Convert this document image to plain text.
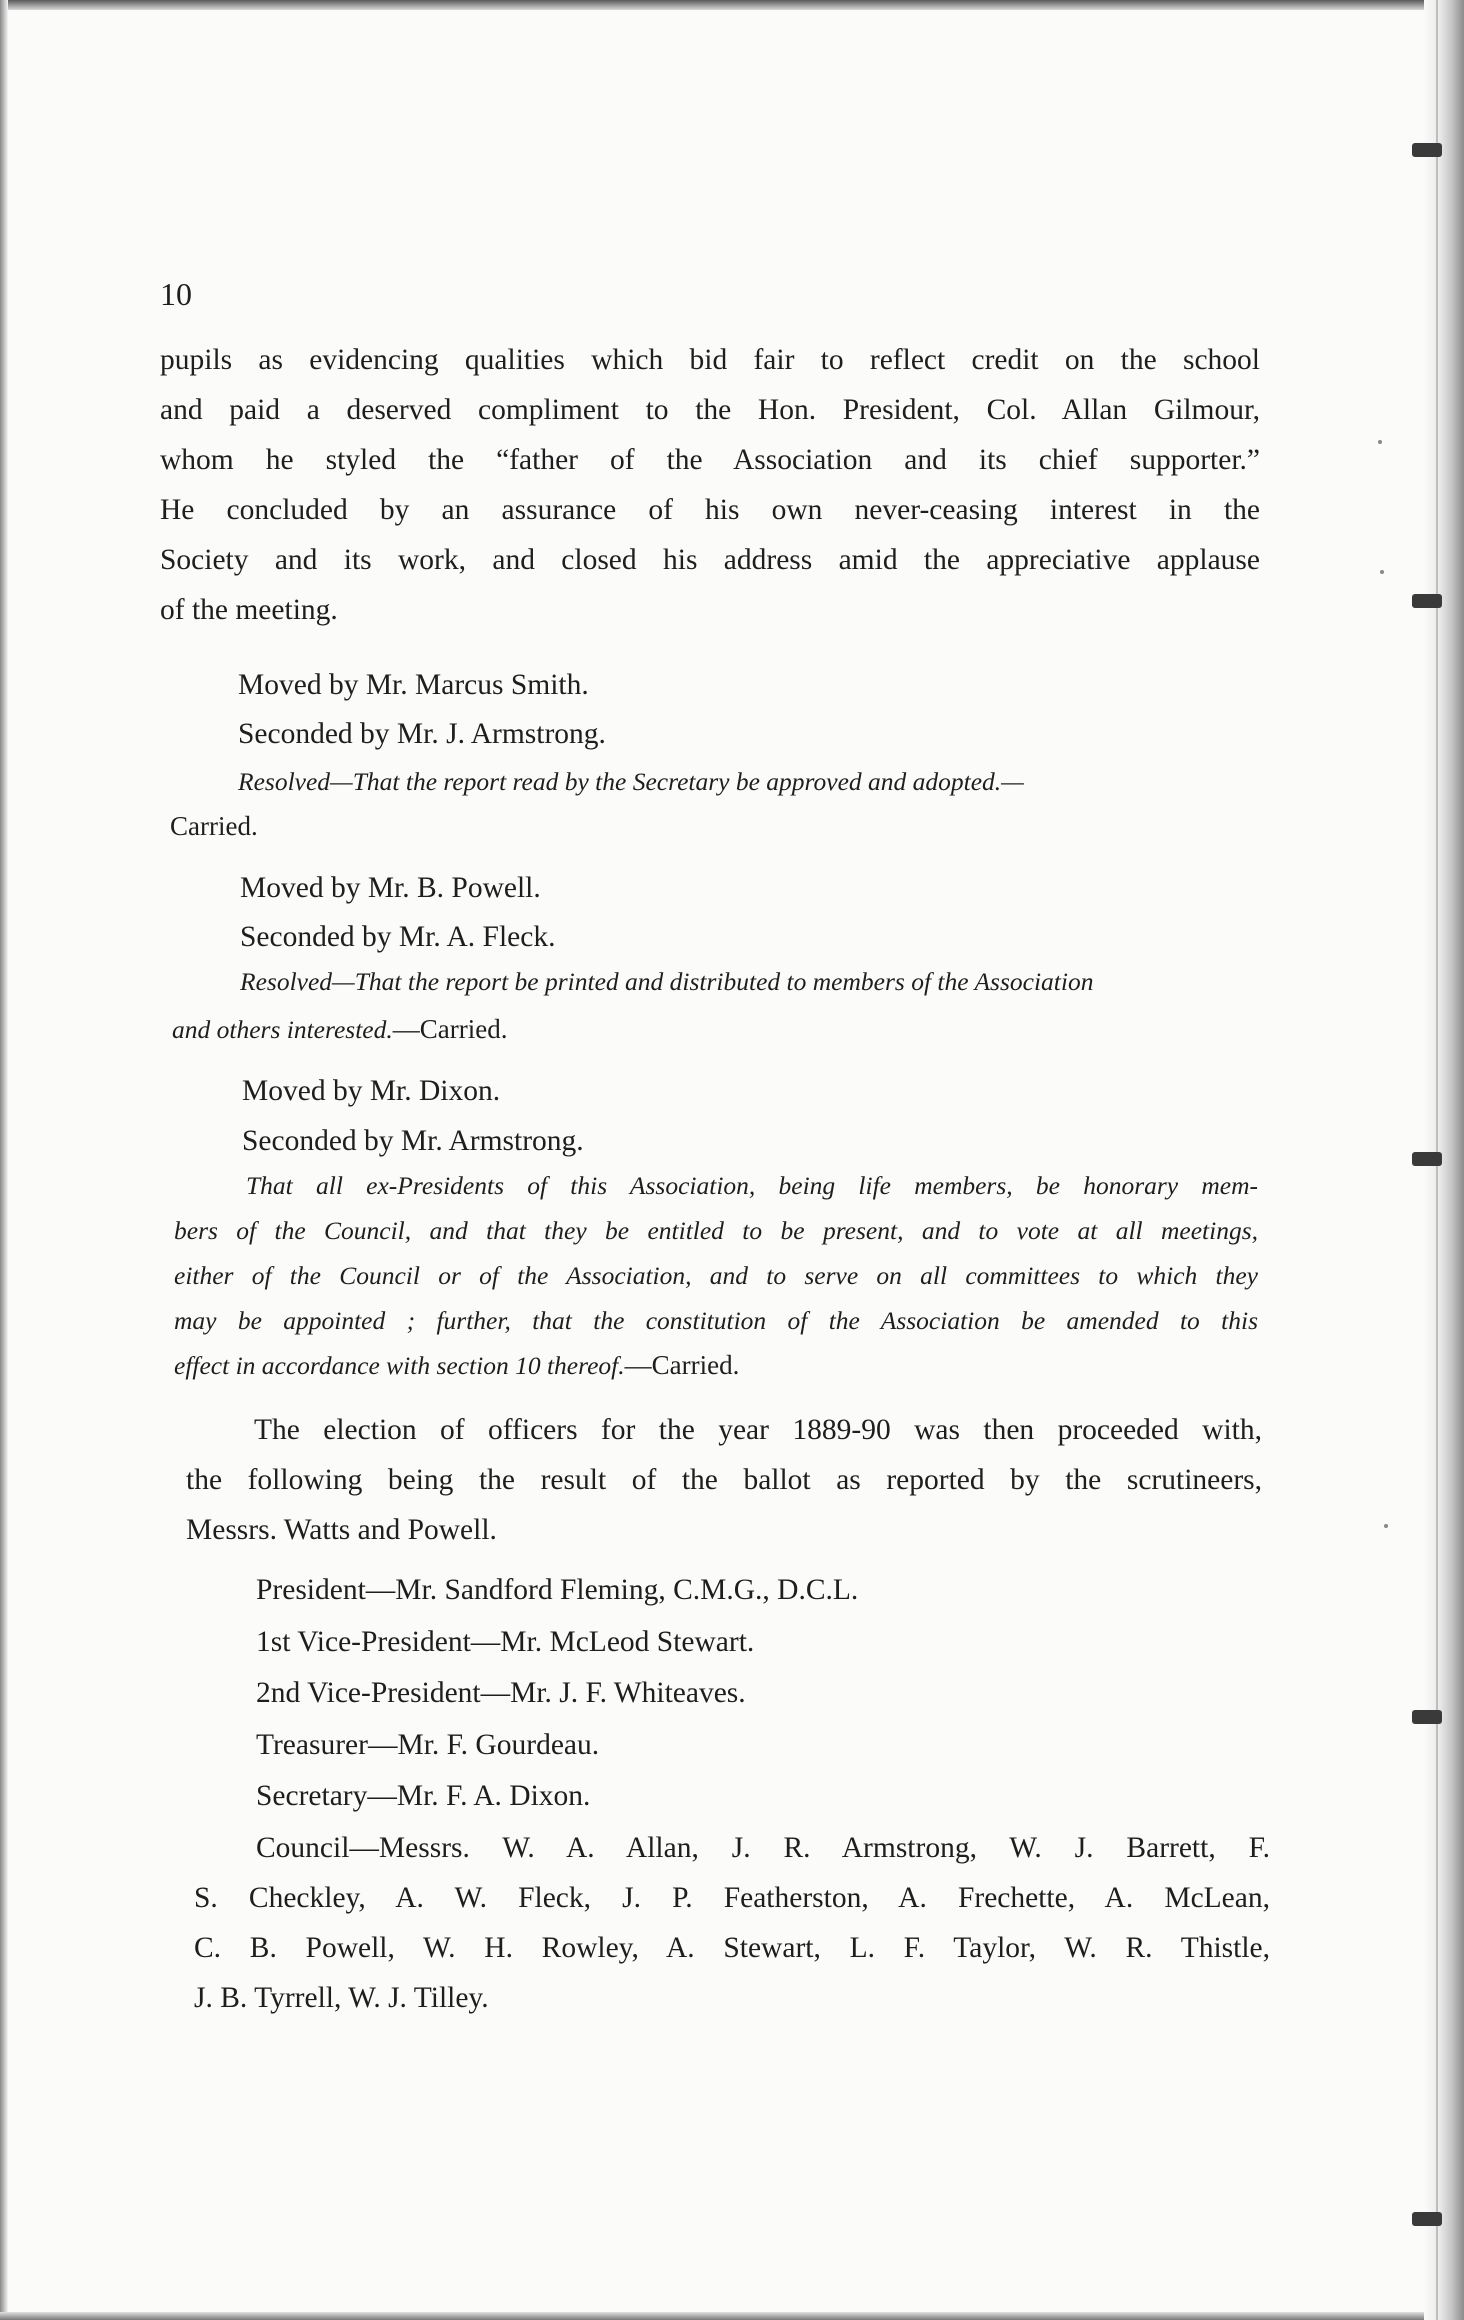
10
pupils as evidencing qualities which bid fair to reflect credit on the school
and paid a deserved compliment to the Hon. President, Col. Allan Gilmour,
whom he styled the “father of the Association and its chief supporter.”
He concluded by an assurance of his own never-ceasing interest in the
Society and its work, and closed his address amid the appreciative applause
of the meeting.
Moved by Mr. Marcus Smith.
Seconded by Mr. J. Armstrong.
Resolved—That the report read by the Secretary be approved and adopted.—
Carried.
Moved by Mr. B. Powell.
Seconded by Mr. A. Fleck.
Resolved—That the report be printed and distributed to members of the Association
and others interested.—Carried.
Moved by Mr. Dixon.
Seconded by Mr. Armstrong.
That all ex-Presidents of this Association, being life members, be honorary mem-
bers of the Council, and that they be entitled to be present, and to vote at all meetings,
either of the Council or of the Association, and to serve on all committees to which they
may be appointed ; further, that the constitution of the Association be amended to this
effect in accordance with section 10 thereof.—Carried.
The election of officers for the year 1889-90 was then proceeded with,
the following being the result of the ballot as reported by the scrutineers,
Messrs. Watts and Powell.
President—Mr. Sandford Fleming, C.M.G., D.C.L.
1st Vice-President—Mr. McLeod Stewart.
2nd Vice-President—Mr. J. F. Whiteaves.
Treasurer—Mr. F. Gourdeau.
Secretary—Mr. F. A. Dixon.
Council—Messrs. W. A. Allan, J. R. Armstrong, W. J. Barrett, F.
S. Checkley, A. W. Fleck, J. P. Featherston, A. Frechette, A. McLean,
C. B. Powell, W. H. Rowley, A. Stewart, L. F. Taylor, W. R. Thistle,
J. B. Tyrrell, W. J. Tilley.
